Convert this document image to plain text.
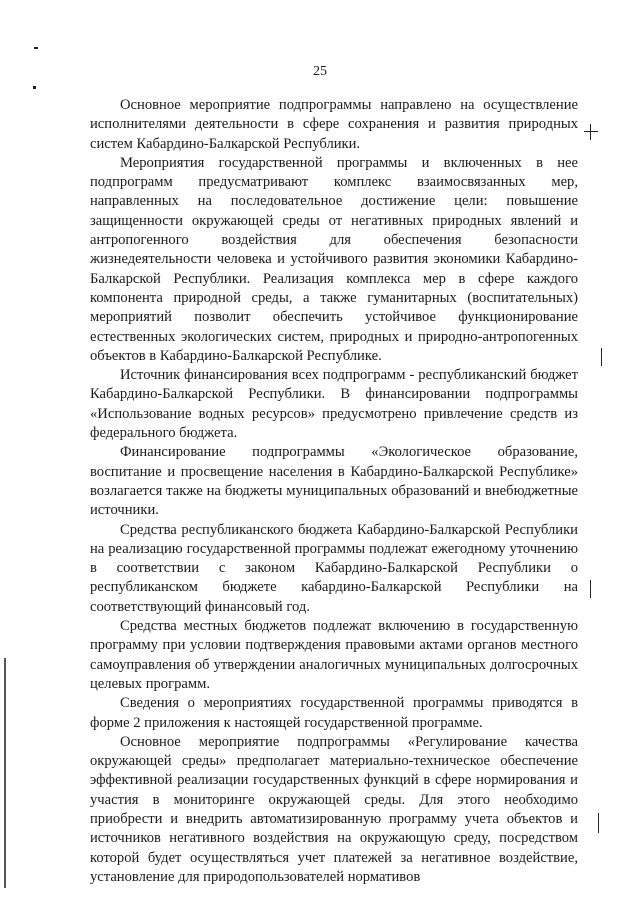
25

Основное мероприятие подпрограммы направлено на осуществление исполнителями деятельности в сфере сохранения и развития природных систем Кабардино-Балкарской Республики.

Мероприятия государственной программы и включенных в нее подпрограмм предусматривают комплекс взаимосвязанных мер, направленных на последовательное достижение цели: повышение защищенности окружающей среды от негативных природных явлений и антропогенного воздействия для обеспечения безопасности жизнедеятельности человека и устойчивого развития экономики Кабардино-Балкарской Республики. Реализация комплекса мер в сфере каждого компонента природной среды, а также гуманитарных (воспитательных) мероприятий позволит обеспечить устойчивое функционирование естественных экологических систем, природных и природно-антропогенных объектов в Кабардино-Балкарской Республике.

Источник финансирования всех подпрограмм - республиканский бюджет Кабардино-Балкарской Республики. В финансировании подпрограммы «Использование водных ресурсов» предусмотрено привлечение средств из федерального бюджета.

Финансирование подпрограммы «Экологическое образование, воспитание и просвещение населения в Кабардино-Балкарской Республике» возлагается также на бюджеты муниципальных образований и внебюджетные источники.

Средства республиканского бюджета Кабардино-Балкарской Республики на реализацию государственной программы подлежат ежегодному уточнению в соответствии с законом Кабардино-Балкарской Республики о республиканском бюджете кабардино-Балкарской Республики на соответствующий финансовый год.

Средства местных бюджетов подлежат включению в государственную программу при условии подтверждения правовыми актами органов местного самоуправления об утверждении аналогичных муниципальных долгосрочных целевых программ.

Сведения о мероприятиях государственной программы приводятся в форме 2 приложения к настоящей государственной программе.

Основное мероприятие подпрограммы «Регулирование качества окружающей среды» предполагает материально-техническое обеспечение эффективной реализации государственных функций в сфере нормирования и участия в мониторинге окружающей среды. Для этого необходимо приобрести и внедрить автоматизированную программу учета объектов и источников негативного воздействия на окружающую среду, посредством которой будет осуществляться учет платежей за негативное воздействие, установление для природопользователей нормативов
